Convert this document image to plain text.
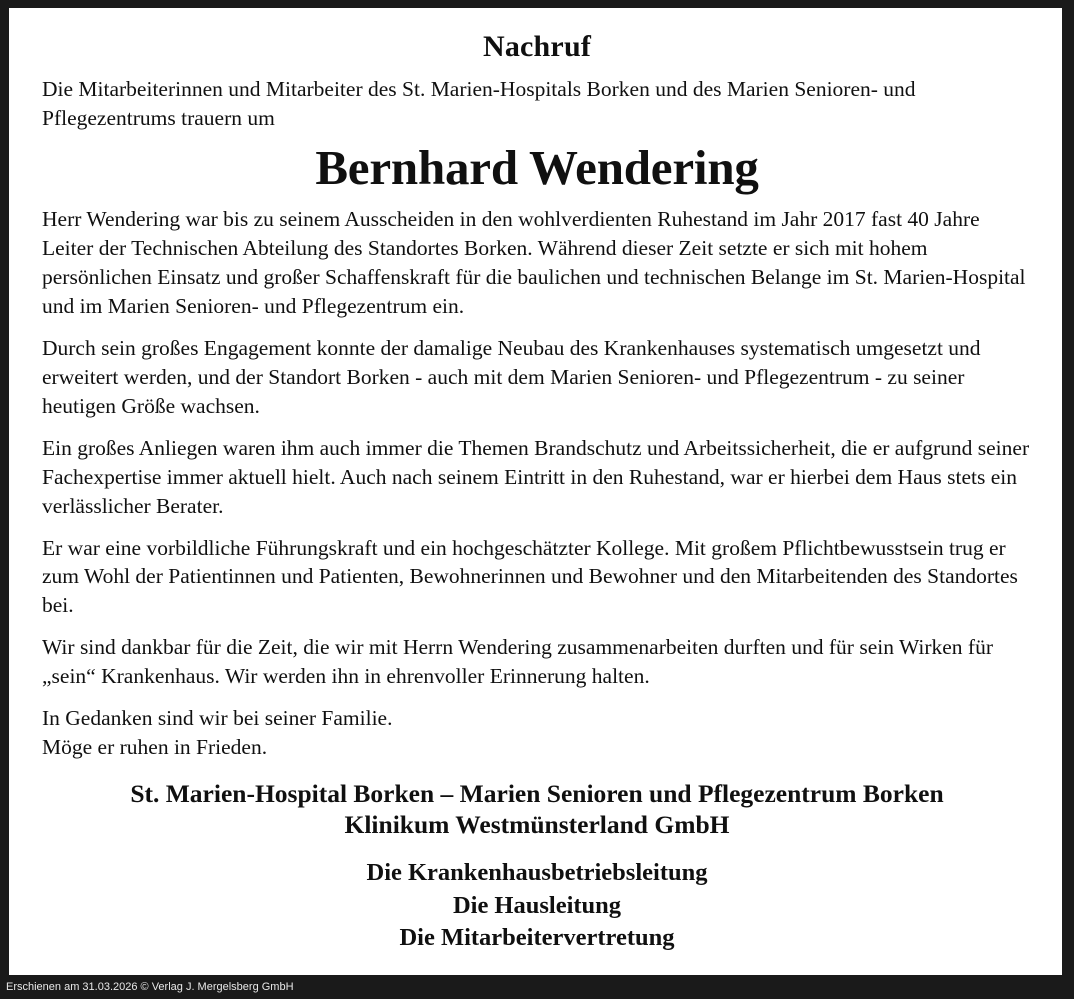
Nachruf

Die Mitarbeiterinnen und Mitarbeiter des St. Marien-Hospitals Borken und des Marien Senioren- und Pflegezentrums trauern um

Bernhard Wendering

Herr Wendering war bis zu seinem Ausscheiden in den wohlverdienten Ruhestand im Jahr 2017 fast 40 Jahre Leiter der Technischen Abteilung des Standortes Borken. Während dieser Zeit setzte er sich mit hohem persönlichen Einsatz und großer Schaffenskraft für die baulichen und technischen Belange im St. Marien-Hospital und im Marien Senioren- und Pflegezentrum ein.

Durch sein großes Engagement konnte der damalige Neubau des Krankenhauses systematisch umgesetzt und erweitert werden, und der Standort Borken - auch mit dem Marien Senioren- und Pflegezentrum - zu seiner heutigen Größe wachsen.

Ein großes Anliegen waren ihm auch immer die Themen Brandschutz und Arbeitssicherheit, die er aufgrund seiner Fachexpertise immer aktuell hielt. Auch nach seinem Eintritt in den Ruhestand, war er hierbei dem Haus stets ein verlässlicher Berater.

Er war eine vorbildliche Führungskraft und ein hochgeschätzter Kollege. Mit großem Pflichtbewusstsein trug er zum Wohl der Patientinnen und Patienten, Bewohnerinnen und Bewohner und den Mitarbeitenden des Standortes bei.

Wir sind dankbar für die Zeit, die wir mit Herrn Wendering zusammenarbeiten durften und für sein Wirken für „sein“ Krankenhaus. Wir werden ihn in ehrenvoller Erinnerung halten.

In Gedanken sind wir bei seiner Familie.

Möge er ruhen in Frieden.

St. Marien-Hospital Borken – Marien Senioren und Pflegezentrum Borken

Klinikum Westmünsterland GmbH

Die Krankenhausbetriebsleitung

Die Hausleitung

Die Mitarbeitervertretung

Erschienen am 31.03.2026 © Verlag J. Mergelsberg GmbH
